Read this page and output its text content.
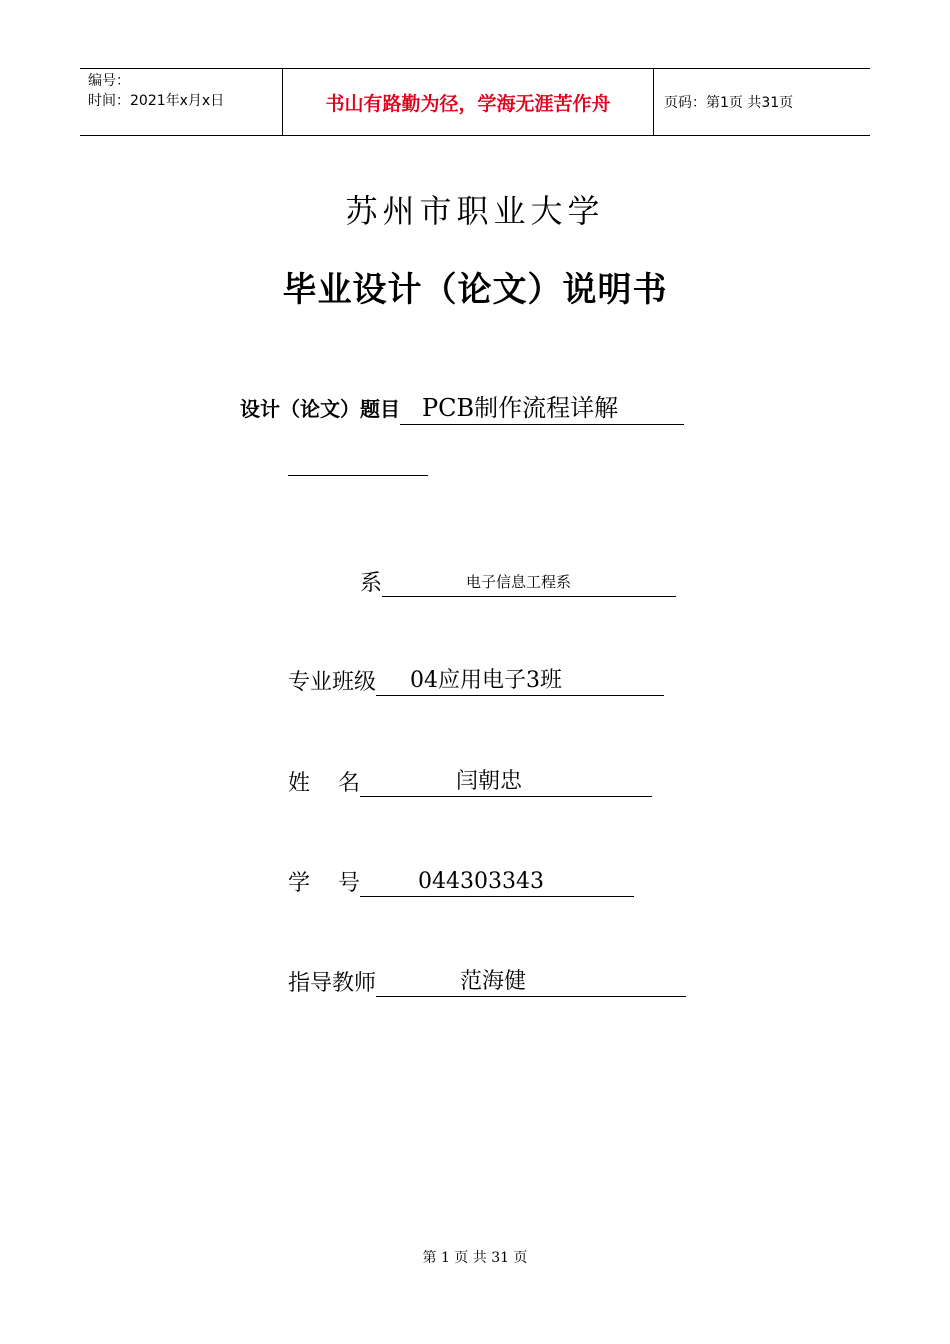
编号：
时间：2021年x月x日	书山有路勤为径，学海无涯苦作舟	页码：第1页 共31页
苏州市职业大学
毕业设计（论文）说明书
设计（论文）题目 PCB制作流程详解
系	电子信息工程系
专业班级	04应用电子3班
姓    名	闫朝忠
学    号	044303343
指导教师	范海健
第 1 页 共 31 页
